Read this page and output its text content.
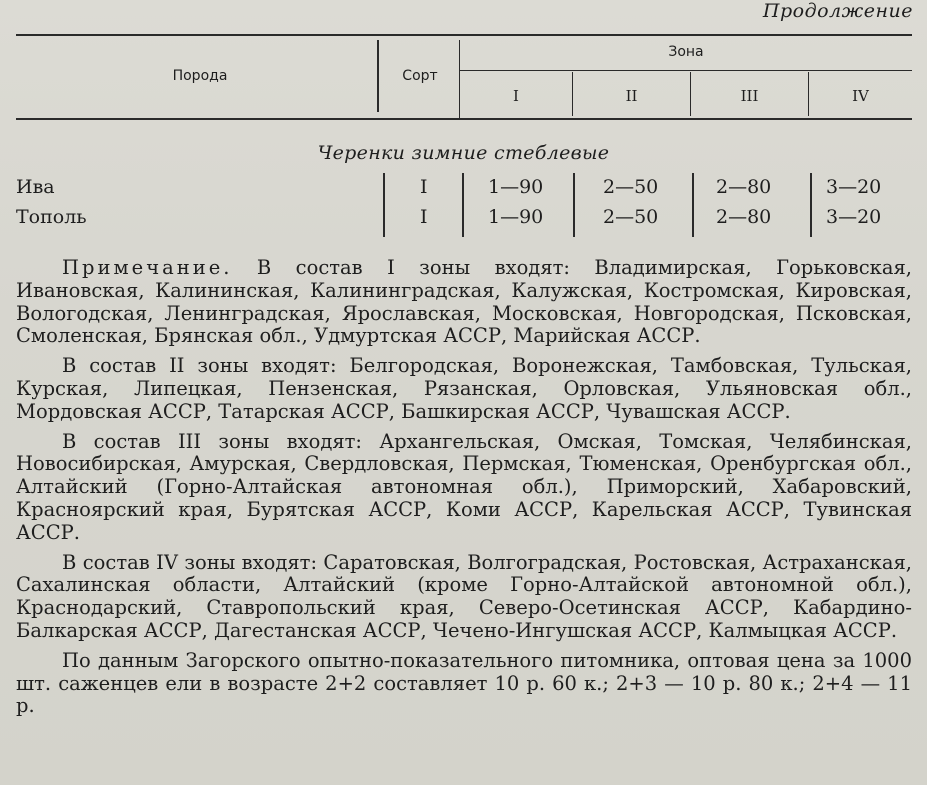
Продолжение
Порода	Сорт
Зона
I	II	III	IV
Черенки зимние стеблевые
Ива	I	1—90	2—50	2—80	3—20
Тополь	I	1—90	2—50	2—80	3—20

Примечание. В состав I зоны входят: Владимирская, Горьковская, Ивановская, Калининская, Калининградская, Калужская, Костромская, Кировская, Вологодская, Ленинградская, Ярославская, Московская, Новгородская, Псковская, Смоленская, Брянская обл., Удмуртская АССР, Марийская АССР.

В состав II зоны входят: Белгородская, Воронежская, Тамбовская, Тульская, Курская, Липецкая, Пензенская, Рязанская, Орловская, Ульяновская обл., Мордовская АССР, Татарская АССР, Башкирская АССР, Чувашская АССР.

В состав III зоны входят: Архангельская, Омская, Томская, Челябинская, Новосибирская, Амурская, Свердловская, Пермская, Тюменская, Оренбургская обл., Алтайский (Горно-Алтайская автономная обл.), Приморский, Хабаровский, Красноярский края, Бурятская АССР, Коми АССР, Карельская АССР, Тувинская АССР.

В состав IV зоны входят: Саратовская, Волгоградская, Ростовская, Астраханская, Сахалинская области, Алтайский (кроме Горно-Алтайской автономной обл.), Краснодарский, Ставропольский края, Северо-Осетинская АССР, Кабардино-Балкарская АССР, Дагестанская АССР, Чечено-Ингушская АССР, Калмыцкая АССР.

По данным Загорского опытно-показательного питомника, оптовая цена за 1000 шт. саженцев ели в возрасте 2+2 составляет 10 р. 60 к.; 2+3 — 10 р. 80 к.; 2+4 — 11 р.
